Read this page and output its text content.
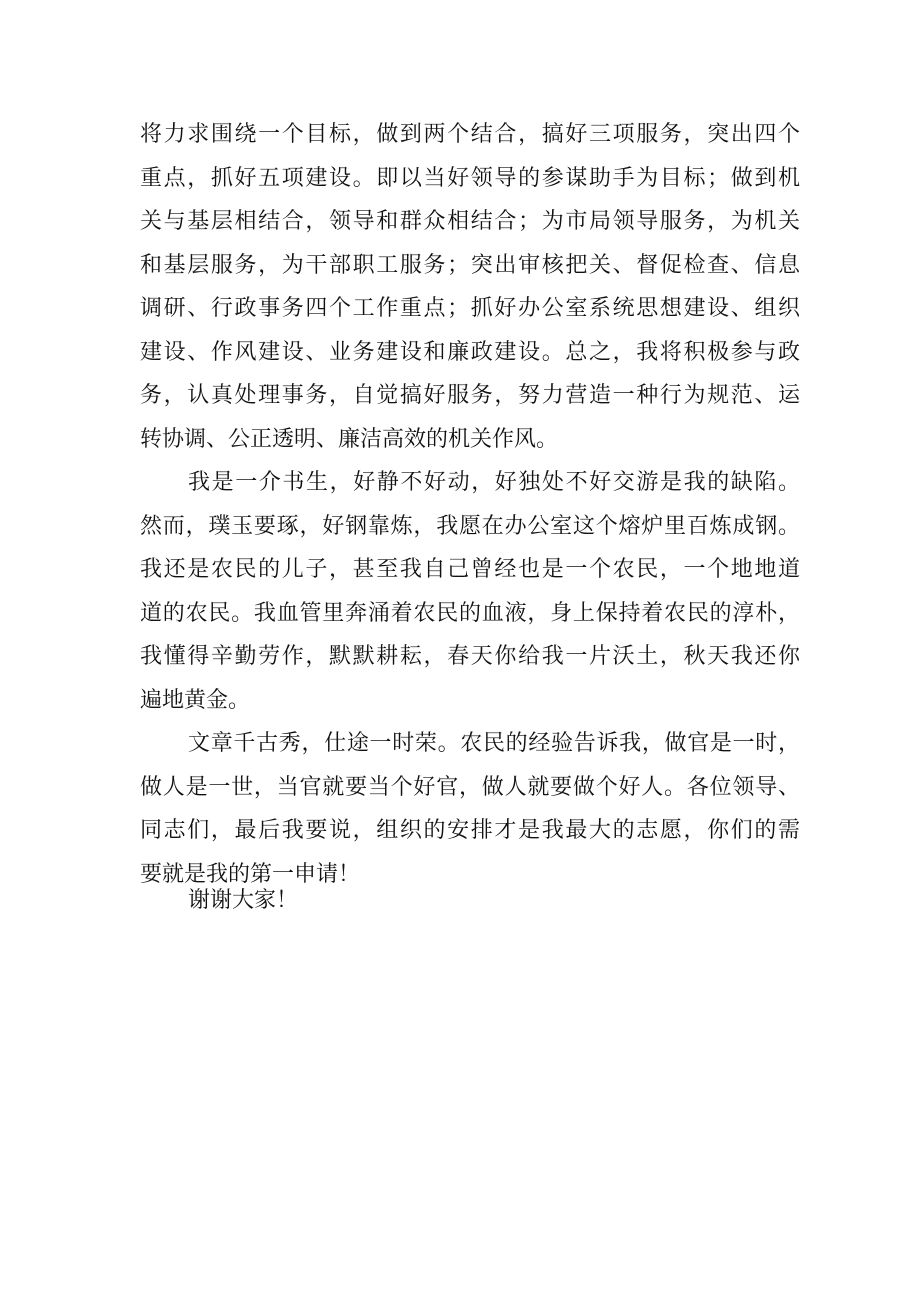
将力求围绕一个目标，做到两个结合，搞好三项服务，突出四个
重点，抓好五项建设。即以当好领导的参谋助手为目标；做到机
关与基层相结合，领导和群众相结合；为市局领导服务，为机关
和基层服务，为干部职工服务；突出审核把关、督促检查、信息
调研、行政事务四个工作重点；抓好办公室系统思想建设、组织
建设、作风建设、业务建设和廉政建设。总之，我将积极参与政
务，认真处理事务，自觉搞好服务，努力营造一种行为规范、运
转协调、公正透明、廉洁高效的机关作风。
我是一介书生，好静不好动，好独处不好交游是我的缺陷。
然而，璞玉要琢，好钢靠炼，我愿在办公室这个熔炉里百炼成钢。
我还是农民的儿子，甚至我自己曾经也是一个农民，一个地地道
道的农民。我血管里奔涌着农民的血液，身上保持着农民的淳朴，
我懂得辛勤劳作，默默耕耘，春天你给我一片沃土，秋天我还你
遍地黄金。
文章千古秀，仕途一时荣。农民的经验告诉我，做官是一时，
做人是一世，当官就要当个好官，做人就要做个好人。各位领导、
同志们，最后我要说，组织的安排才是我最大的志愿，你们的需
要就是我的第一申请！
谢谢大家！
